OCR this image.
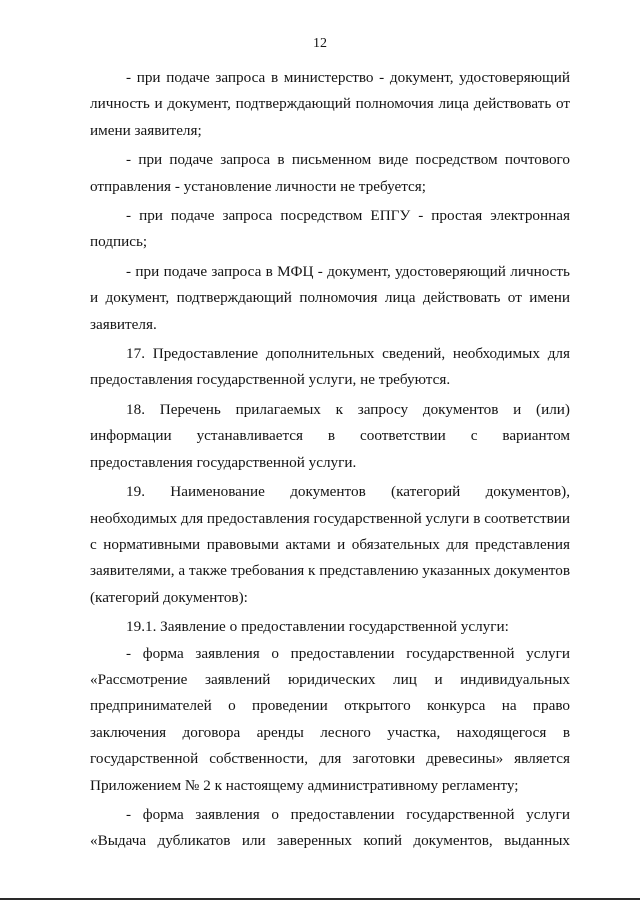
12

- при подаче запроса в министерство - документ, удостоверяющий личность и документ, подтверждающий полномочия лица действовать от имени заявителя;

- при подаче запроса в письменном виде посредством почтового отправления - установление личности не требуется;

- при подаче запроса посредством ЕПГУ - простая электронная подпись;

- при подаче запроса в МФЦ - документ, удостоверяющий личность и документ, подтверждающий полномочия лица действовать от имени заявителя.

17. Предоставление дополнительных сведений, необходимых для предоставления государственной услуги, не требуются.

18. Перечень прилагаемых к запросу документов и (или) информации устанавливается в соответствии с вариантом предоставления государственной услуги.

19. Наименование документов (категорий документов), необходимых для предоставления государственной услуги в соответствии с нормативными правовыми актами и обязательных для представления заявителями, а также требования к представлению указанных документов (категорий документов):

19.1. Заявление о предоставлении государственной услуги:

- форма заявления о предоставлении государственной услуги «Рассмотрение заявлений юридических лиц и индивидуальных предпринимателей о проведении открытого конкурса на право заключения договора аренды лесного участка, находящегося в государственной собственности, для заготовки древесины» является Приложением № 2 к настоящему административному регламенту;

- форма заявления о предоставлении государственной услуги «Выдача дубликатов или заверенных копий документов, выданных
